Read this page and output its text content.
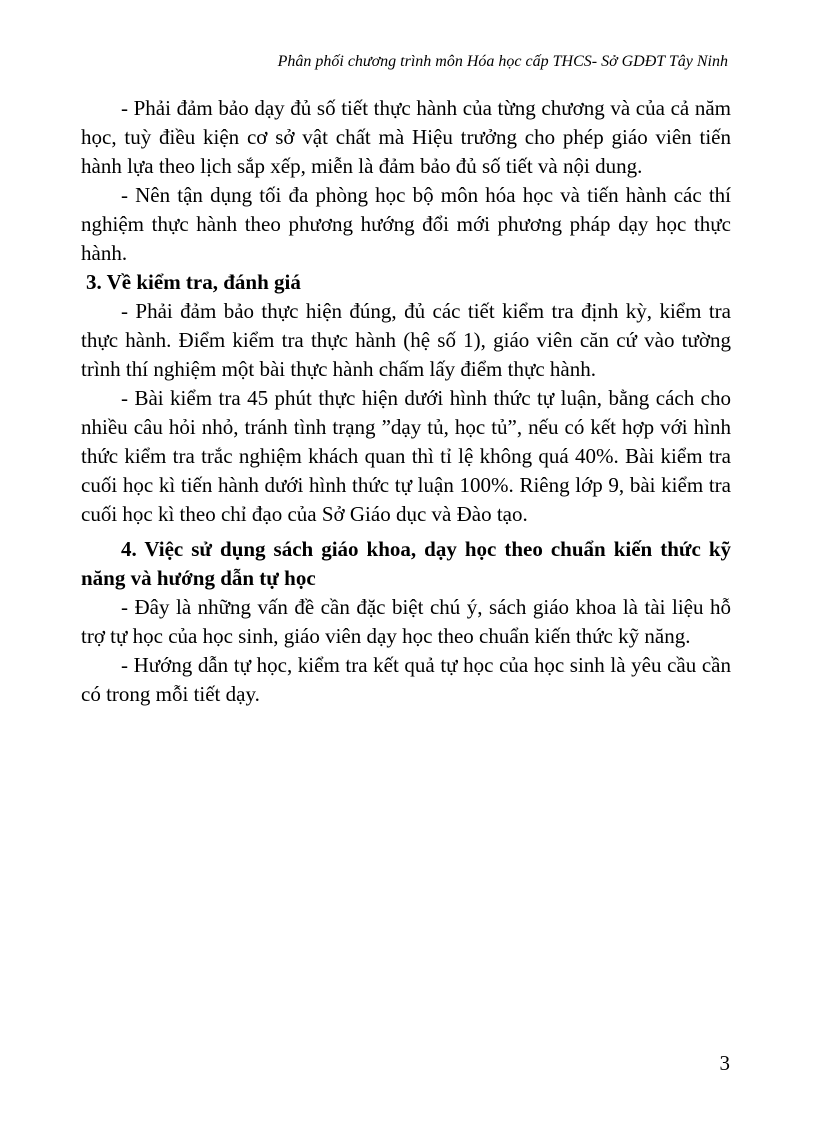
Phân phối chương trình môn Hóa học cấp THCS- Sở GDĐT Tây Ninh

- Phải đảm bảo dạy đủ số tiết thực hành của từng chương và của cả năm học, tuỳ điều kiện cơ sở vật chất mà Hiệu trưởng cho phép giáo viên tiến hành lựa theo lịch sắp xếp, miễn là đảm bảo đủ số tiết và nội dung.

- Nên tận dụng tối đa phòng học bộ môn hóa học và tiến hành các thí nghiệm thực hành theo phương hướng đổi mới phương pháp dạy học thực hành.

3. Về kiểm tra, đánh giá

- Phải đảm bảo thực hiện đúng, đủ các tiết kiểm tra định kỳ, kiểm tra thực hành. Điểm kiểm tra thực hành (hệ số 1), giáo viên căn cứ vào tường trình thí nghiệm một bài thực hành chấm lấy điểm thực hành.

- Bài kiểm tra 45 phút thực hiện dưới hình thức tự luận, bằng cách cho nhiều câu hỏi nhỏ, tránh tình trạng ”dạy tủ, học tủ”, nếu có kết hợp với hình thức kiểm tra trắc nghiệm khách quan thì tỉ lệ không quá 40%. Bài kiểm tra cuối học kì tiến hành dưới hình thức tự luận 100%. Riêng lớp 9, bài kiểm tra cuối học kì theo chỉ đạo của Sở Giáo dục và Đào tạo.

4. Việc sử dụng sách giáo khoa, dạy học theo chuẩn kiến thức kỹ năng và hướng dẫn tự học

- Đây là những vấn đề cần đặc biệt chú ý, sách giáo khoa là tài liệu hỗ trợ tự học của học sinh, giáo viên dạy học theo chuẩn kiến thức kỹ năng.

- Hướng dẫn tự học, kiểm tra kết quả tự học của học sinh là yêu cầu cần có trong mỗi tiết dạy.

3
